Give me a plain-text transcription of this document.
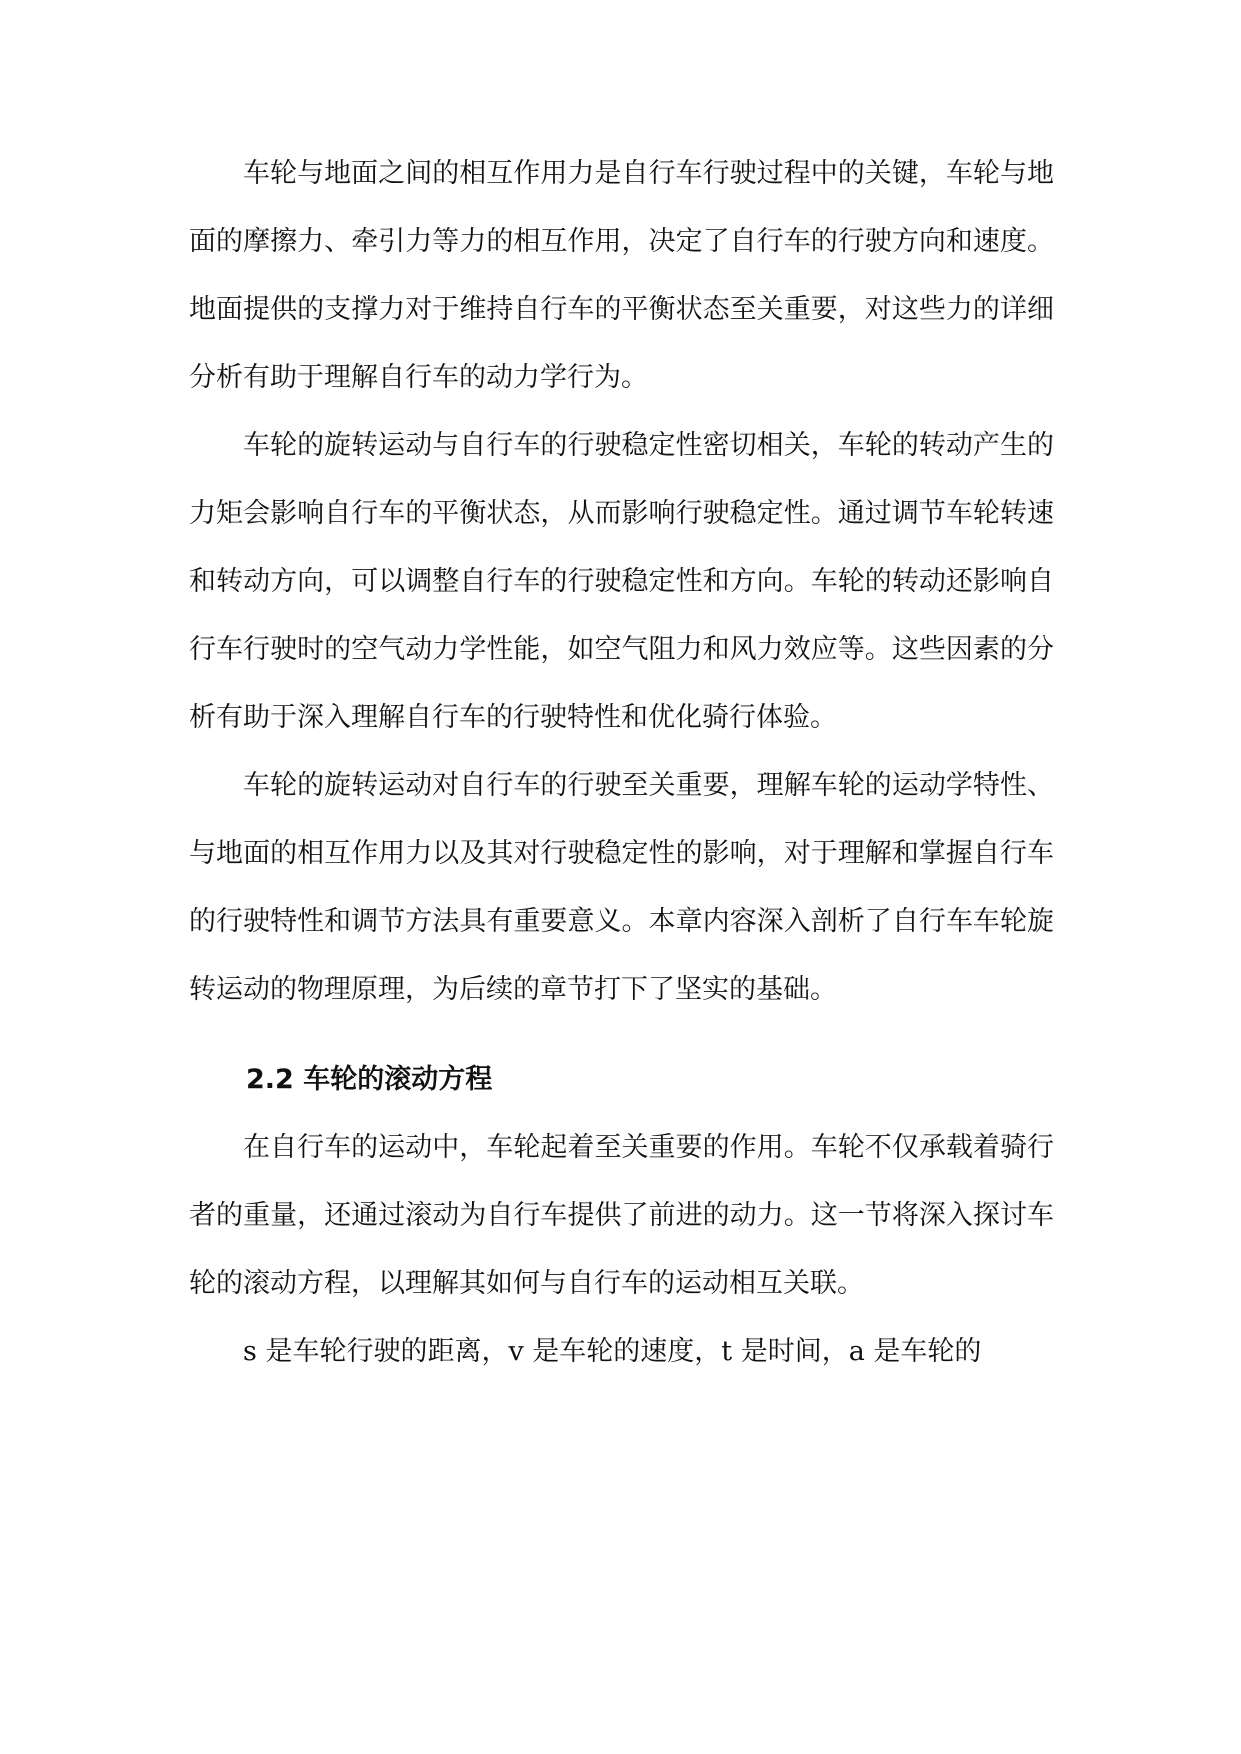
车轮与地面之间的相互作用力是自行车行驶过程中的关键，车轮与地面的摩擦力、牵引力等力的相互作用，决定了自行车的行驶方向和速度。地面提供的支撑力对于维持自行车的平衡状态至关重要，对这些力的详细分析有助于理解自行车的动力学行为。

车轮的旋转运动与自行车的行驶稳定性密切相关，车轮的转动产生的力矩会影响自行车的平衡状态，从而影响行驶稳定性。通过调节车轮转速和转动方向，可以调整自行车的行驶稳定性和方向。车轮的转动还影响自行车行驶时的空气动力学性能，如空气阻力和风力效应等。这些因素的分析有助于深入理解自行车的行驶特性和优化骑行体验。

车轮的旋转运动对自行车的行驶至关重要，理解车轮的运动学特性、与地面的相互作用力以及其对行驶稳定性的影响，对于理解和掌握自行车的行驶特性和调节方法具有重要意义。本章内容深入剖析了自行车车轮旋转运动的物理原理，为后续的章节打下了坚实的基础。

2.2 车轮的滚动方程

在自行车的运动中，车轮起着至关重要的作用。车轮不仅承载着骑行者的重量，还通过滚动为自行车提供了前进的动力。这一节将深入探讨车轮的滚动方程，以理解其如何与自行车的运动相互关联。

s 是车轮行驶的距离，v 是车轮的速度，t 是时间，a 是车轮的
